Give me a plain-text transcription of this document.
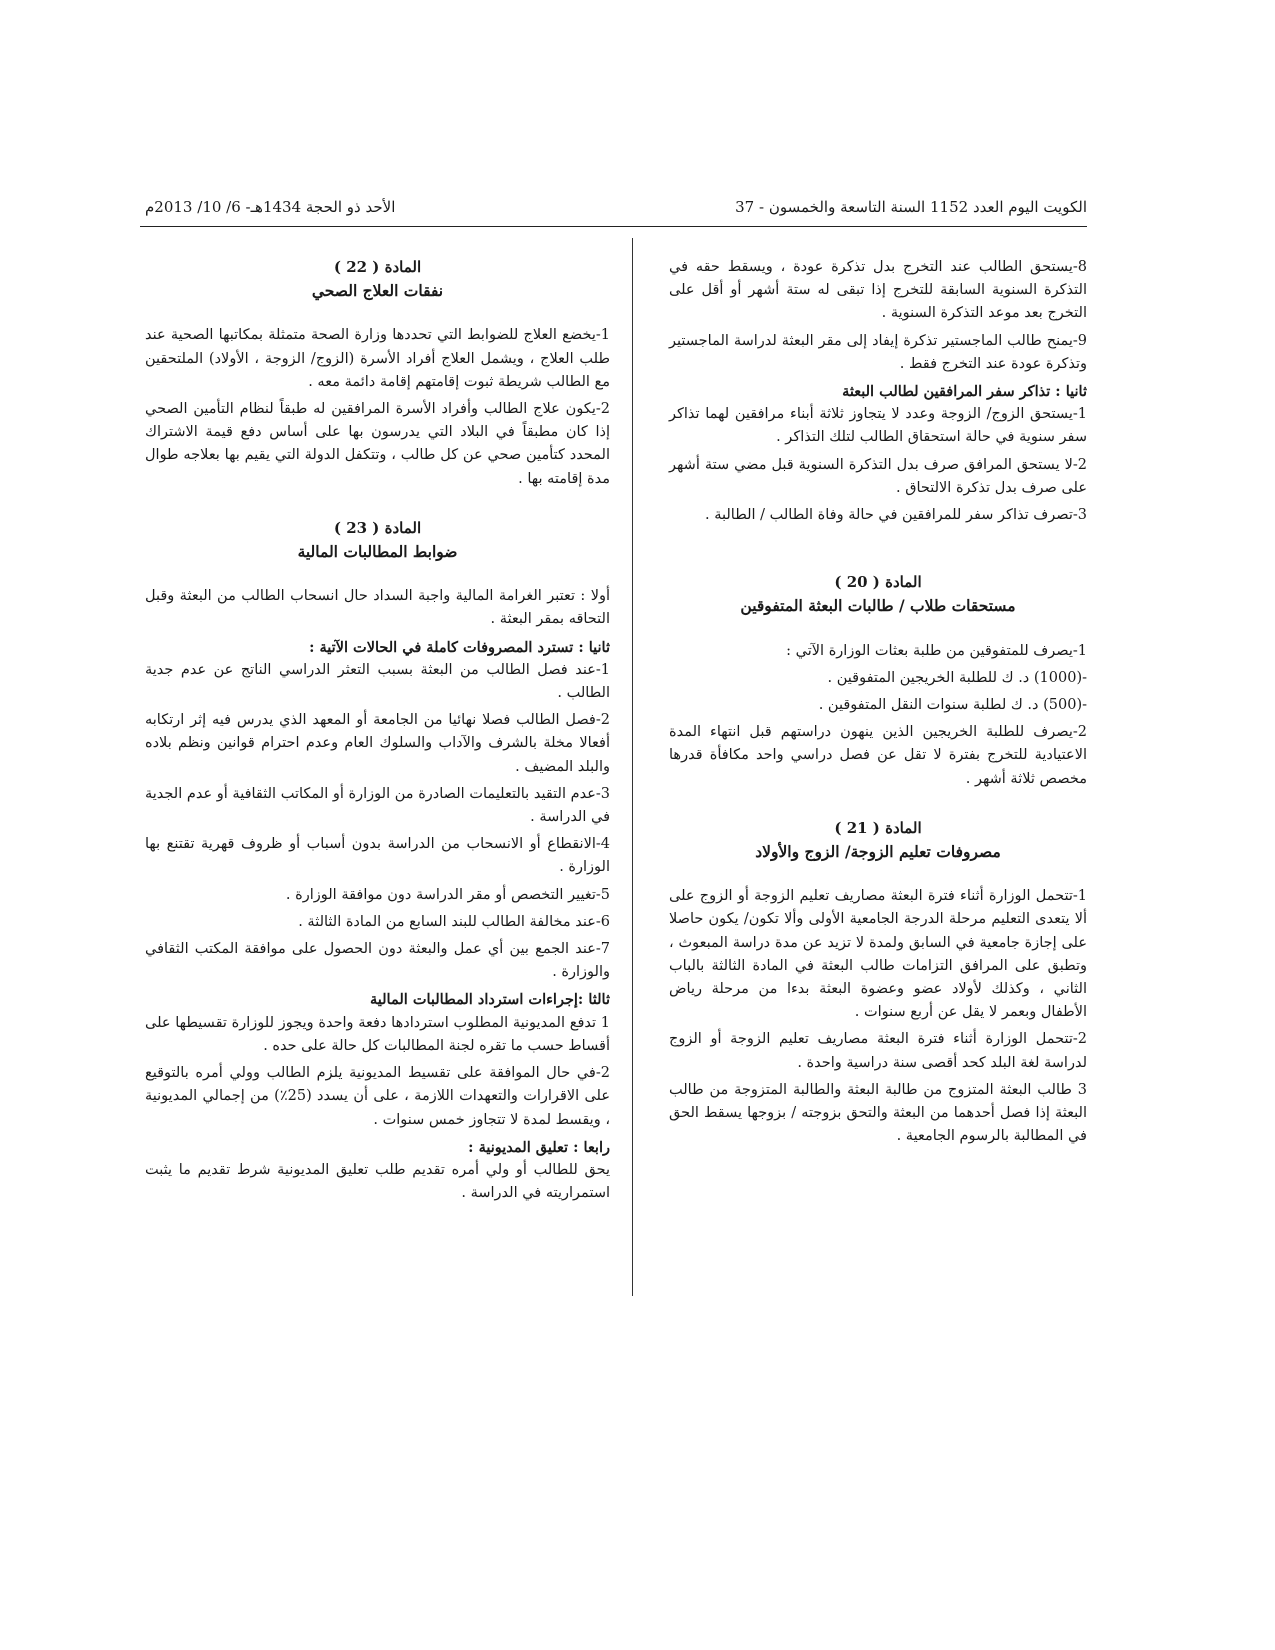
الكويت اليوم العدد 1152 السنة التاسعة والخمسون - 37
الأحد ذو الحجة 1434هـ- 6/ 10/ 2013م

8-يستحق الطالب عند التخرج بدل تذكرة عودة ، ويسقط حقه في التذكرة السنوية السابقة للتخرج إذا تبقى له ستة أشهر أو أقل على التخرج بعد موعد التذكرة السنوية .

9-يمنح طالب الماجستير تذكرة إيفاد إلى مقر البعثة لدراسة الماجستير وتذكرة عودة عند التخرج فقط .

ثانيا : تذاكر سفر المرافقين لطالب البعثة

1-يستحق الزوج/ الزوجة وعدد لا يتجاوز ثلاثة أبناء مرافقين لهما تذاكر سفر سنوية في حالة استحقاق الطالب لتلك التذاكر .

2-لا يستحق المرافق صرف بدل التذكرة السنوية قبل مضي ستة أشهر على صرف بدل تذكرة الالتحاق .

3-تصرف تذاكر سفر للمرافقين في حالة وفاة الطالب / الطالبة .

المادة ( 20 )

مستحقات طلاب / طالبات البعثة المتفوقين

1-يصرف للمتفوقين من طلبة بعثات الوزارة الآتي :

-(1000) د. ك للطلبة الخريجين المتفوقين .

-(500) د. ك لطلبة سنوات النقل المتفوقين .

2-يصرف للطلبة الخريجين الذين ينهون دراستهم قبل انتهاء المدة الاعتيادية للتخرج بفترة لا تقل عن فصل دراسي واحد مكافأة قدرها مخصص ثلاثة أشهر .

المادة ( 21 )

مصروفات تعليم الزوجة/ الزوج والأولاد

1-تتحمل الوزارة أثناء فترة البعثة مصاريف تعليم الزوجة أو الزوج على ألا يتعدى التعليم مرحلة الدرجة الجامعية الأولى وألا تكون/ يكون حاصلا على إجازة جامعية في السابق ولمدة لا تزيد عن مدة دراسة المبعوث ، وتطبق على المرافق التزامات طالب البعثة في المادة الثالثة بالباب الثاني ، وكذلك لأولاد عضو وعضوة البعثة بدءا من مرحلة رياض الأطفال وبعمر لا يقل عن أربع سنوات .

2-تتحمل الوزارة أثناء فترة البعثة مصاريف تعليم الزوجة أو الزوج لدراسة لغة البلد كحد أقصى سنة دراسية واحدة .

3 طالب البعثة المتزوج من طالبة البعثة والطالبة المتزوجة من طالب البعثة إذا فصل أحدهما من البعثة والتحق بزوجته / بزوجها يسقط الحق في المطالبة بالرسوم الجامعية .

المادة ( 22 )

نفقات العلاج الصحي

1-يخضع العلاج للضوابط التي تحددها وزارة الصحة متمثلة بمكاتبها الصحية عند طلب العلاج ، ويشمل العلاج أفراد الأسرة (الزوج/ الزوجة ، الأولاد) الملتحقين مع الطالب شريطة ثبوت إقامتهم إقامة دائمة معه .

2-يكون علاج الطالب وأفراد الأسرة المرافقين له طبقاً لنظام التأمين الصحي إذا كان مطبقاً في البلاد التي يدرسون بها على أساس دفع قيمة الاشتراك المحدد كتأمين صحي عن كل طالب ، وتتكفل الدولة التي يقيم بها بعلاجه طوال مدة إقامته بها .

المادة ( 23 )

ضوابط المطالبات المالية

أولا : تعتبر الغرامة المالية واجبة السداد حال انسحاب الطالب من البعثة وقبل التحاقه بمقر البعثة .

ثانيا : تسترد المصروفات كاملة في الحالات الآتية :

1-عند فصل الطالب من البعثة بسبب التعثر الدراسي الناتج عن عدم جدية الطالب .

2-فصل الطالب فصلا نهائيا من الجامعة أو المعهد الذي يدرس فيه إثر ارتكابه أفعالا مخلة بالشرف والآداب والسلوك العام وعدم احترام قوانين ونظم بلاده والبلد المضيف .

3-عدم التقيد بالتعليمات الصادرة من الوزارة أو المكاتب الثقافية أو عدم الجدية في الدراسة .

4-الانقطاع أو الانسحاب من الدراسة بدون أسباب أو ظروف قهرية تقتنع بها الوزارة .

5-تغيير التخصص أو مقر الدراسة دون موافقة الوزارة .

6-عند مخالفة الطالب للبند السابع من المادة الثالثة .

7-عند الجمع بين أي عمل والبعثة دون الحصول على موافقة المكتب الثقافي والوزارة .

ثالثا :إجراءات استرداد المطالبات المالية

1 تدفع المديونية المطلوب استردادها دفعة واحدة ويجوز للوزارة تقسيطها على أقساط حسب ما تقره لجنة المطالبات كل حالة على حده .

2-في حال الموافقة على تقسيط المديونية يلزم الطالب وولي أمره بالتوقيع على الاقرارات والتعهدات اللازمة ، على أن يسدد (25٪) من إجمالي المديونية ، ويقسط لمدة لا تتجاوز خمس سنوات .

رابعا : تعليق المديونية :

يحق للطالب أو ولي أمره تقديم طلب تعليق المديونية شرط تقديم ما يثبت استمراريته في الدراسة .
